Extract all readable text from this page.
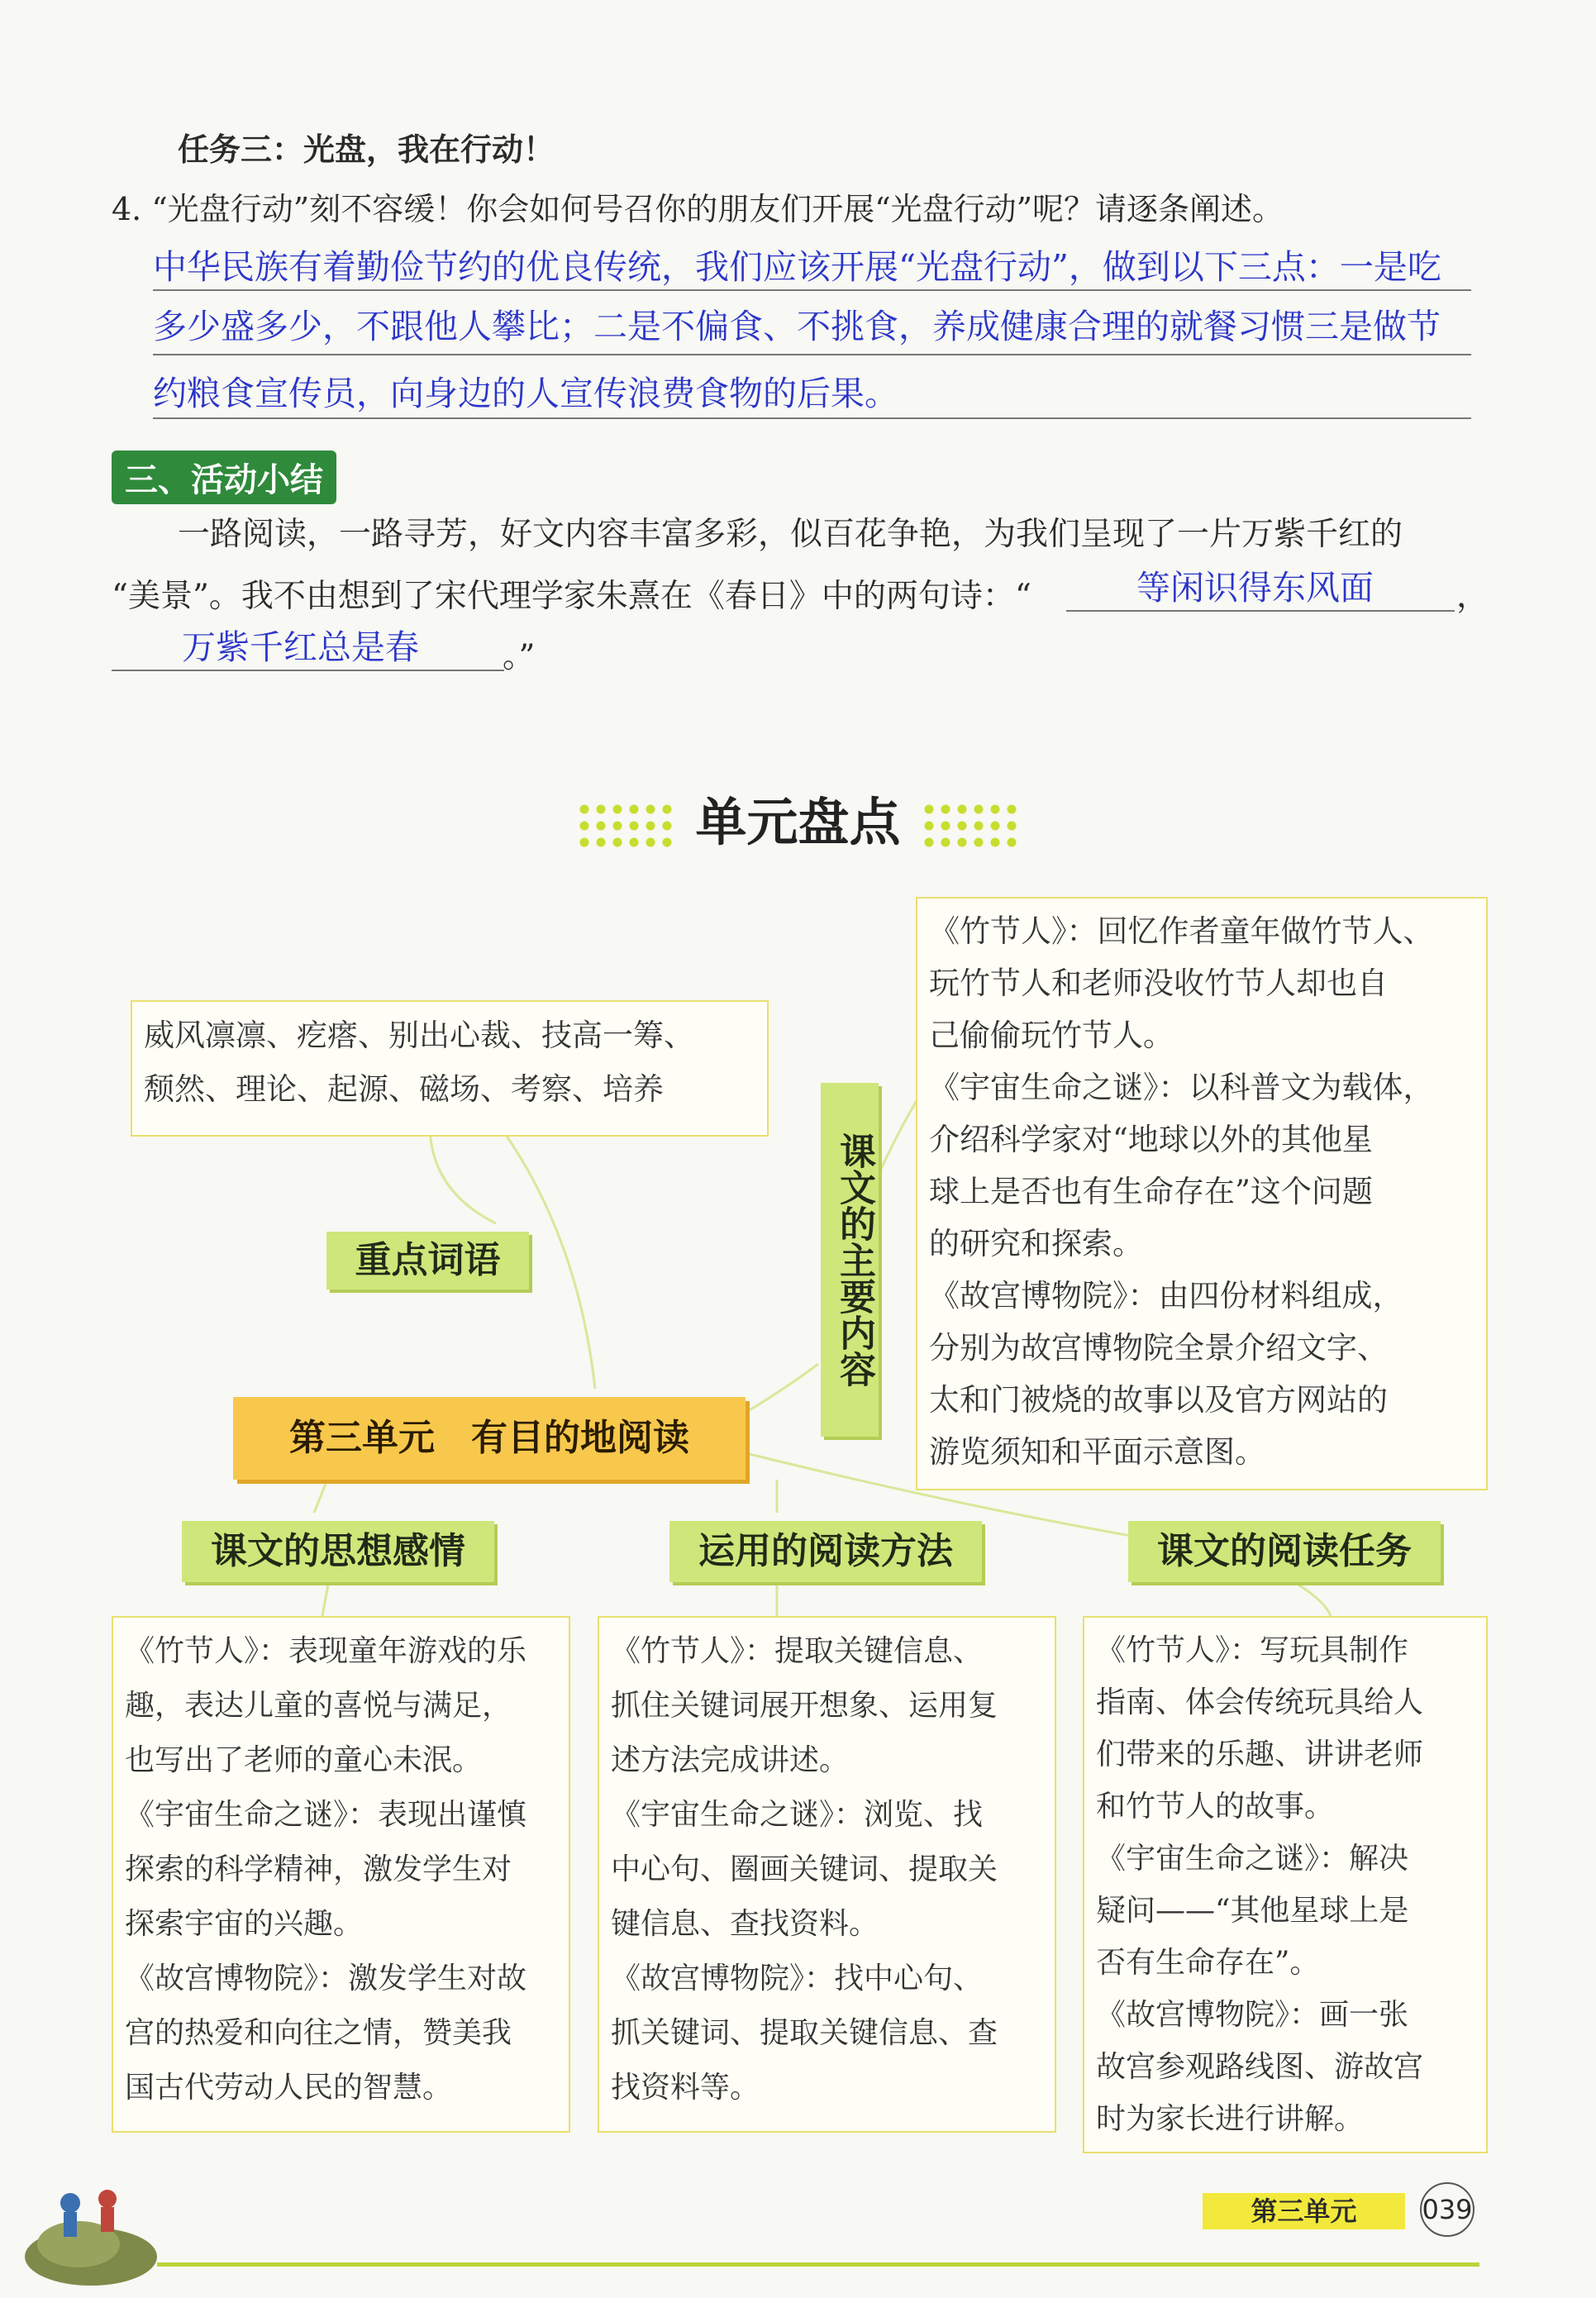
任务三：光盘，我在行动！
4. “光盘行动”刻不容缓！你会如何号召你的朋友们开展“光盘行动”呢？请逐条阐述。
中华民族有着勤俭节约的优良传统，我们应该开展“光盘行动”，做到以下三点：一是吃
多少盛多少，不跟他人攀比；二是不偏食、不挑食，养成健康合理的就餐习惯三是做节
约粮食宣传员，向身边的人宣传浪费食物的后果。
三、活动小结
一路阅读，一路寻芳，好文内容丰富多彩，似百花争艳，为我们呈现了一片万紫千红的
“美景”。我不由想到了宋代理学家朱熹在《春日》中的两句诗：“	等闲识得东风面	，
万紫千红总是春	。”
单元盘点
威风凛凛、疙瘩、别出心裁、技高一筹、
颓然、理论、起源、磁场、考察、培养
重点词语
《竹节人》：回忆作者童年做竹节人、
玩竹节人和老师没收竹节人却也自
己偷偷玩竹节人。
《宇宙生命之谜》：以科普文为载体，
介绍科学家对“地球以外的其他星
球上是否也有生命存在”这个问题
的研究和探索。
《故宫博物院》：由四份材料组成，
分别为故宫博物院全景介绍文字、
太和门被烧的故事以及官方网站的
游览须知和平面示意图。
课文的主要内容
第三单元　有目的地阅读
课文的思想感情	运用的阅读方法	课文的阅读任务
《竹节人》：表现童年游戏的乐
趣，表达儿童的喜悦与满足，
也写出了老师的童心未泯。
《宇宙生命之谜》：表现出谨慎
探索的科学精神，激发学生对
探索宇宙的兴趣。
《故宫博物院》：激发学生对故
宫的热爱和向往之情，赞美我
国古代劳动人民的智慧。
《竹节人》：提取关键信息、
抓住关键词展开想象、运用复
述方法完成讲述。
《宇宙生命之谜》：浏览、找
中心句、圈画关键词、提取关
键信息、查找资料。
《故宫博物院》：找中心句、
抓关键词、提取关键信息、查
找资料等。
《竹节人》：写玩具制作
指南、体会传统玩具给人
们带来的乐趣、讲讲老师
和竹节人的故事。
《宇宙生命之谜》：解决
疑问——“其他星球上是
否有生命存在”。
《故宫博物院》：画一张
故宫参观路线图、游故宫
时为家长进行讲解。
第三单元	039
